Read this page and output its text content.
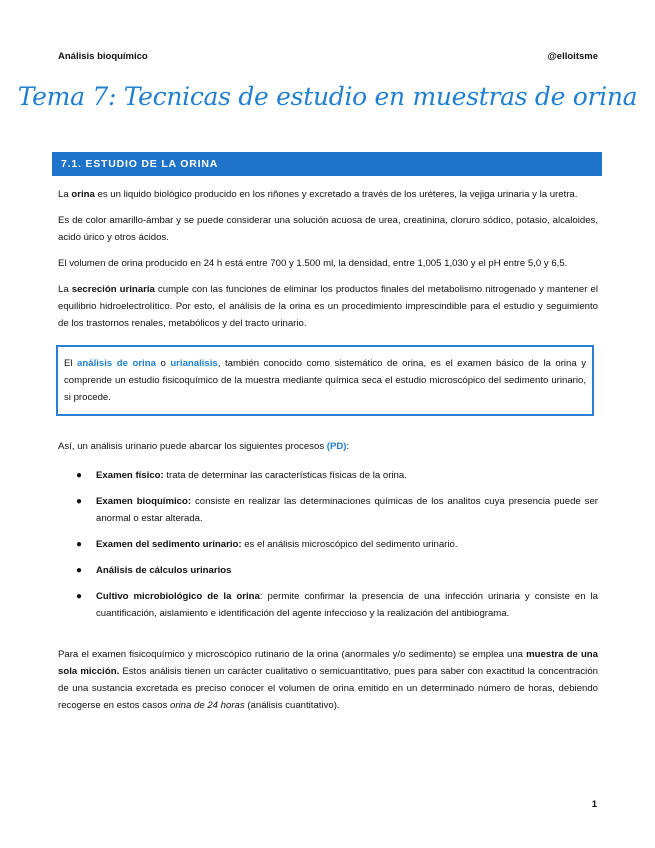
Análisis bioquímico	@elloitsme
Tema 7: Tecnicas de estudio en muestras de orina
7.1. ESTUDIO DE LA ORINA

La orina es un liquido biológico producido en los riñones y excretado a través de los uréteres, la vejiga urinaria y la uretra.

Es de color amarillo-ámbar y se puede considerar una solución acuosa de urea, creatinina, cloruro sódico, potasio, alcaloides, acido úrico y otros ácidos.

El volumen de orina producido en 24 h está entre 700 y 1.500 ml, la densidad, entre 1,005 1,030 y el pH entre 5,0 y 6,5.

La secreción urinaria cumple con las funciones de eliminar los productos finales del metabolismo nitrogenado y mantener el equilibrio hidroelectrolítico. Por esto, el análisis de la orina es un procedimiento imprescindible para el estudio y seguimiento de los trastornos renales, metabólicos y del tracto urinario.

El análisis de orina o urianalisis, también conocido como sistemático de orina, es el examen básico de la orina y comprende un estudio fisicoquímico de la muestra mediante química seca el estudio microscópico del sedimento urinario, si procede.

Así, un análisis urinario puede abarcar los siguientes procesos (PD):

● Examen físico: trata de determinar las características físicas de la orina.
● Examen bioquímico: consiste en realizar las determinaciones químicas de los analitos cuya presencia puede ser anormal o estar alterada.
● Examen del sedimento urinario: es el análisis microscópico del sedimento urinario.
● Análisis de cálculos urinarios
● Cultivo microbiológico de la orina: permite confirmar la presencia de una infección urinaria y consiste en la cuantificación, aislamiento e identificación del agente infeccioso y la realización del antibiograma.

Para el examen fisicoquímico y microscópico rutinario de la orina (anormales y/o sedimento) se emplea una muestra de una sola micción. Estos análisis tienen un carácter cualitativo o semicuantitativo, pues para saber con exactitud la concentración de una sustancia excretada es preciso conocer el volumen de orina emitido en un determinado número de horas, debiendo recogerse en estos casos orina de 24 horas (análisis cuantitativo).

1
